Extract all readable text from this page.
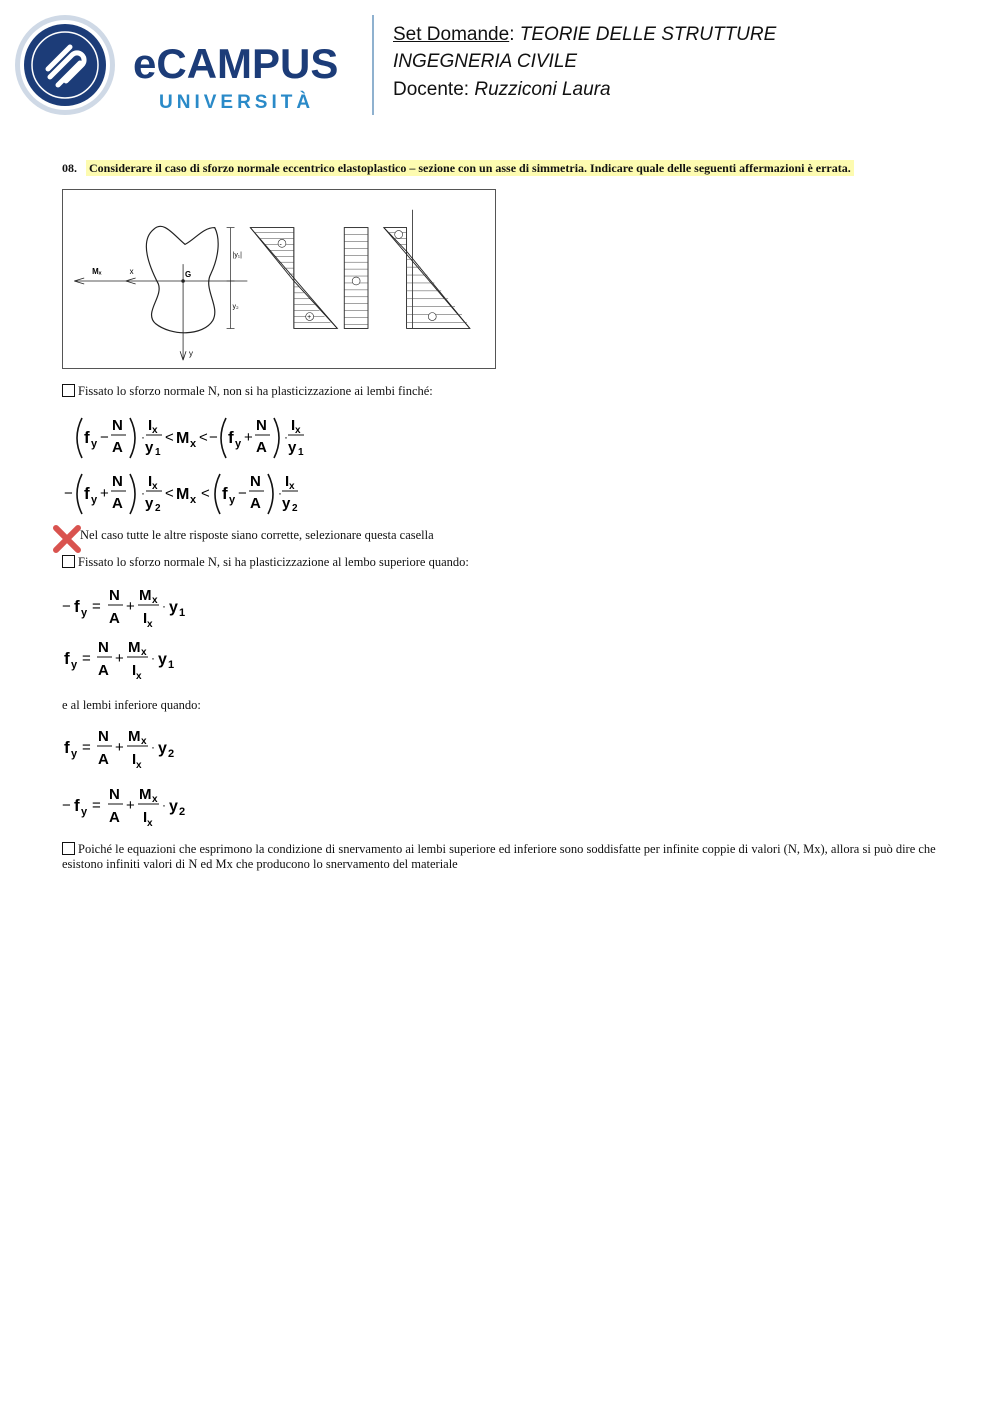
eCAMPUS
UNIVERSITÀ
Set Domande: TEORIE DELLE STRUTTURE
INGEGNERIA CIVILE
Docente: Ruzziconi Laura
08. Considerare il caso di sforzo normale eccentrico elastoplastico – sezione con un asse di simmetria. Indicare quale delle seguenti affermazioni è errata.
Mₓ	x	G
y
|y₁|
y₂
-
+
Fissato lo sforzo normale N, non si ha plasticizzazione ai lembi finché:
f y −
N
A
·
I x
y 1
< M x < − f y +
N
A
·
I x
y 1
− f y +
N
A
·
I x
y 2
< M x < f y −
N
A
·
I x
y 2
Nel caso tutte le altre risposte siano corrette, selezionare questa casella
Fissato lo sforzo normale N, si ha plasticizzazione al lembo superiore quando:
− f y =
N
A
+
M x
I x
· y 1
f y =
N
A
+
M x
I x
· y 1
e al lembi inferiore quando:
f y =
N
A
+
M x
I x
· y 2
− f y =
N
A
+
M x
I x
· y 2
Poiché le equazioni che esprimono la condizione di snervamento ai lembi superiore ed inferiore sono soddisfatte per infinite coppie di valori (N, Mx), allora si può dire che esistono infiniti valori di N ed Mx che producono lo snervamento del materiale
